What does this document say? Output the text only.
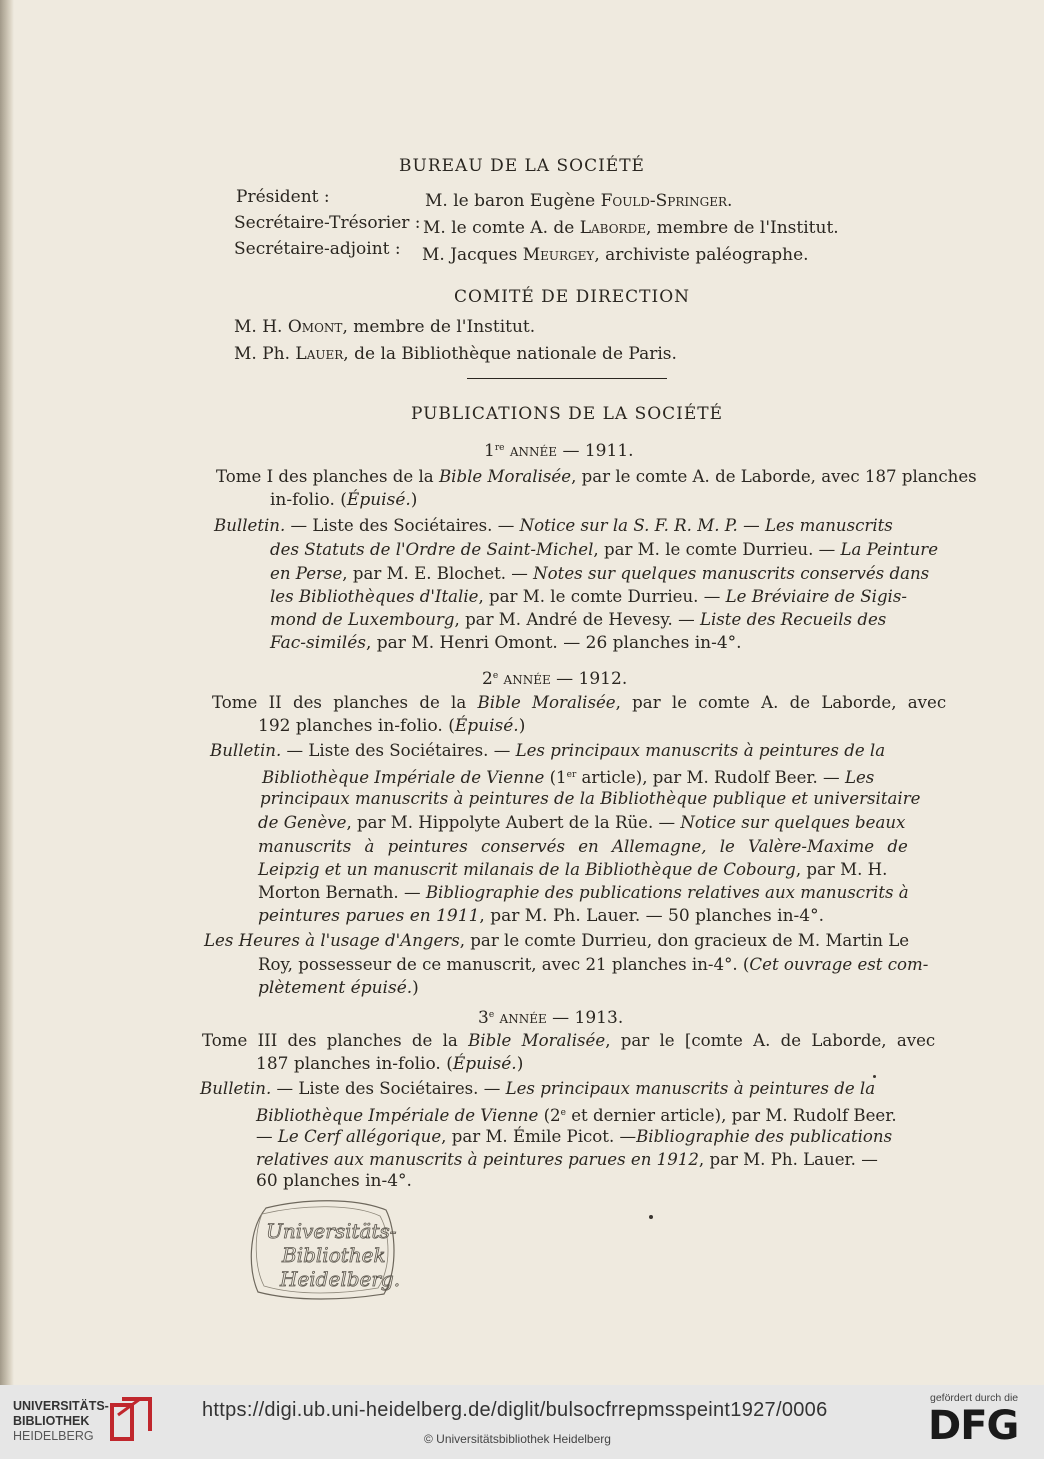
BUREAU DE LA SOCIÉTÉ
Président :	M. le baron Eugène Fould-Springer.
Secrétaire-Trésorier : M. le comte A. de Laborde, membre de l'Institut.
Secrétaire-adjoint : M. Jacques Meurgey, archiviste paléographe.
COMITÉ DE DIRECTION
M. H. Omont, membre de l'Institut.
M. Ph. Lauer, de la Bibliothèque nationale de Paris.
PUBLICATIONS DE LA SOCIÉTÉ
1re année — 1911.
Tome I des planches de la Bible Moralisée, par le comte A. de Laborde, avec 187 planches
in-folio. (Épuisé.)
Bulletin. — Liste des Sociétaires. — Notice sur la S. F. R. M. P. — Les manuscrits
des Statuts de l'Ordre de Saint-Michel, par M. le comte Durrieu. — La Peinture
en Perse, par M. E. Blochet. — Notes sur quelques manuscrits conservés dans
les Bibliothèques d'Italie, par M. le comte Durrieu. — Le Bréviaire de Sigis-
mond de Luxembourg, par M. André de Hevesy. — Liste des Recueils des
Fac-similés, par M. Henri Omont. — 26 planches in-4°.
2e année — 1912.
Tome II des planches de la Bible Moralisée, par le comte A. de Laborde, avec
192 planches in-folio. (Épuisé.)
Bulletin. — Liste des Sociétaires. — Les principaux manuscrits à peintures de la
Bibliothèque Impériale de Vienne (1er article), par M. Rudolf Beer. — Les
principaux manuscrits à peintures de la Bibliothèque publique et universitaire
de Genève, par M. Hippolyte Aubert de la Rüe. — Notice sur quelques beaux
manuscrits à peintures conservés en Allemagne, le Valère-Maxime de
Leipzig et un manuscrit milanais de la Bibliothèque de Cobourg, par M. H.
Morton Bernath. — Bibliographie des publications relatives aux manuscrits à
peintures parues en 1911, par M. Ph. Lauer. — 50 planches in-4°.
Les Heures à l'usage d'Angers, par le comte Durrieu, don gracieux de M. Martin Le
Roy, possesseur de ce manuscrit, avec 21 planches in-4°. (Cet ouvrage est com-
plètement épuisé.)
3e année — 1913.
Tome III des planches de la Bible Moralisée, par le [comte A. de Laborde, avec
187 planches in-folio. (Épuisé.)
Bulletin. — Liste des Sociétaires. — Les principaux manuscrits à peintures de la
Bibliothèque Impériale de Vienne (2e et dernier article), par M. Rudolf Beer.
— Le Cerf allégorique, par M. Émile Picot. —Bibliographie des publications
relatives aux manuscrits à peintures parues en 1912, par M. Ph. Lauer. —
60 planches in-4°.
Universitäts-
Bibliothek
Heidelberg.
UNIVERSITÄTS-
BIBLIOTHEK
HEIDELBERG
https://digi.ub.uni-heidelberg.de/diglit/bulsocfrrepmsspeint1927/0006
© Universitätsbibliothek Heidelberg
gefördert durch die
DFG
